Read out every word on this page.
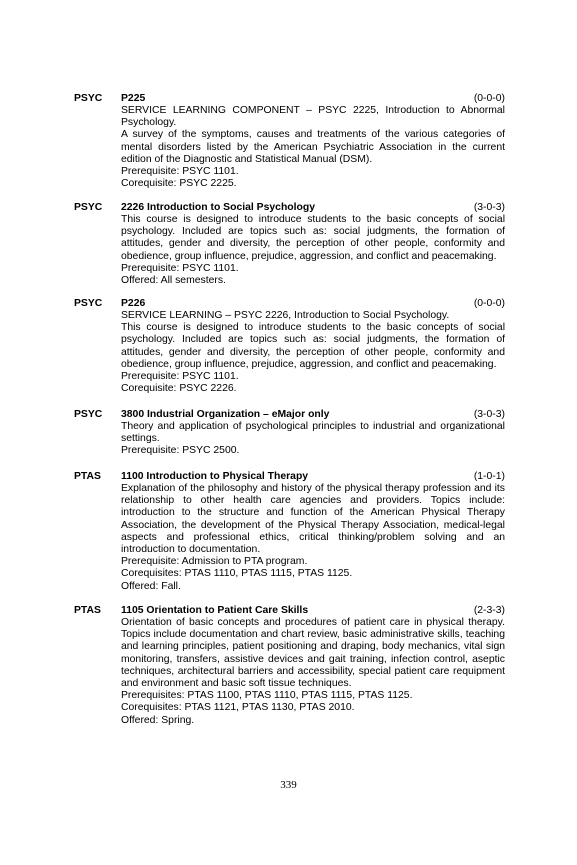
PSYC P225	(0-0-0)

SERVICE LEARNING COMPONENT – PSYC 2225, Introduction to Abnormal Psychology.

A survey of the symptoms, causes and treatments of the various categories of mental disorders listed by the American Psychiatric Association in the current edition of the Diagnostic and Statistical Manual (DSM).

Prerequisite: PSYC 1101.

Corequisite: PSYC 2225.

PSYC 2226 Introduction to Social Psychology	(3-0-3)

This course is designed to introduce students to the basic concepts of social psychology. Included are topics such as: social judgments, the formation of attitudes, gender and diversity, the perception of other people, conformity and obedience, group influence, prejudice, aggression, and conflict and peacemaking.

Prerequisite: PSYC 1101.

Offered: All semesters.

PSYC P226	(0-0-0)

SERVICE LEARNING – PSYC 2226, Introduction to Social Psychology.

This course is designed to introduce students to the basic concepts of social psychology. Included are topics such as: social judgments, the formation of attitudes, gender and diversity, the perception of other people, conformity and obedience, group influence, prejudice, aggression, and conflict and peacemaking.

Prerequisite: PSYC 1101.

Corequisite: PSYC 2226.

PSYC 3800 Industrial Organization – eMajor only	(3-0-3)

Theory and application of psychological principles to industrial and organizational settings.

Prerequisite: PSYC 2500.

PTAS 1100 Introduction to Physical Therapy	(1-0-1)

Explanation of the philosophy and history of the physical therapy profession and its relationship to other health care agencies and providers. Topics include: introduction to the structure and function of the American Physical Therapy Association, the development of the Physical Therapy Association, medical-legal aspects and professional ethics, critical thinking/problem solving and an introduction to documentation.

Prerequisite: Admission to PTA program.

Corequisites: PTAS 1110, PTAS 1115, PTAS 1125.

Offered: Fall.

PTAS 1105 Orientation to Patient Care Skills	(2-3-3)

Orientation of basic concepts and procedures of patient care in physical therapy. Topics include documentation and chart review, basic administrative skills, teaching and learning principles, patient positioning and draping, body mechanics, vital sign monitoring, transfers, assistive devices and gait training, infection control, aseptic techniques, architectural barriers and accessibility, special patient care requipment and environment and basic soft tissue techniques.

Prerequisites: PTAS 1100, PTAS 1110, PTAS 1115, PTAS 1125.

Corequisites: PTAS 1121, PTAS 1130, PTAS 2010.

Offered: Spring.

339
